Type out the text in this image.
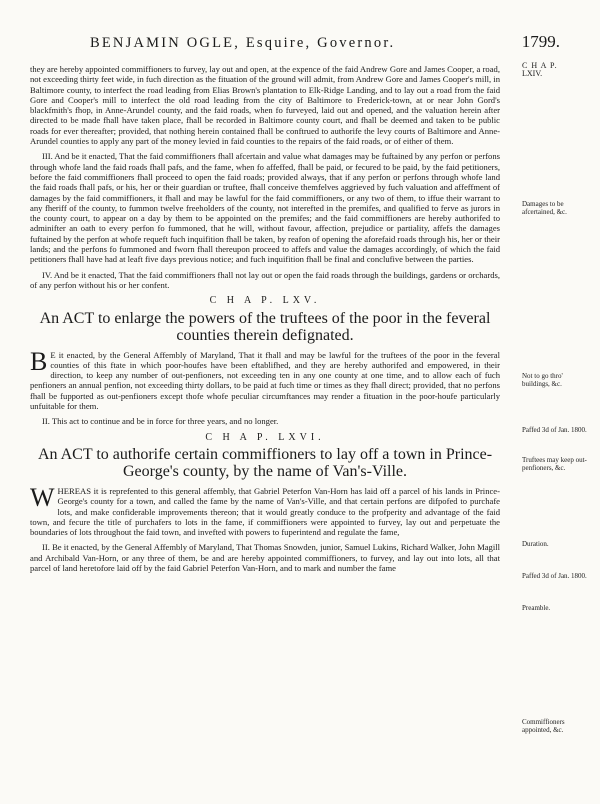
BENJAMIN OGLE, Esquire, Governor.	1799.

they are hereby appointed commiffioners to furvey, lay out and open, at the expence of the faid Andrew Gore and James Cooper, a road, not exceeding thirty feet wide, in fuch direction as the fituation of the ground will admit, from Andrew Gore and James Cooper's mill, in Baltimore county, to interfect the road leading from Elias Brown's plantation to Elk-Ridge Landing, and to lay out a road from the faid Gore and Cooper's mill to interfect the old road leading from the city of Baltimore to Frederick-town, at or near John Gord's blackfmith's fhop, in Anne-Arundel county, and the faid roads, when fo furveyed, laid out and opened, and the valuation herein after directed to be made fhall have taken place, fhall be recorded in Baltimore county court, and fhall be deemed and taken to be public roads for ever thereafter; provided, that nothing herein contained fhall be conftrued to authorife the levy courts of Baltimore and Anne-Arundel counties to apply any part of the money levied in faid counties to the repairs of the faid roads, or of either of them.

III. And be it enacted, That the faid commiffioners fhall afcertain and value what damages may be fuftained by any perfon or perfons through whofe land the faid roads fhall pafs, and the fame, when fo affeffed, fhall be paid, or fecured to be paid, by the faid petitioners, before the faid commiffioners fhall proceed to open the faid roads; provided always, that if any perfon or perfons through whofe land the faid roads fhall pafs, or his, her or their guardian or truftee, fhall conceive themfelves aggrieved by fuch valuation and affeffment of damages by the faid commiffioners, it fhall and may be lawful for the faid commiffioners, or any two of them, to iffue their warrant to any fheriff of the county, to fummon twelve freeholders of the county, not interefted in the premifes, and qualified to ferve as jurors in the county court, to appear on a day by them to be appointed on the premifes; and the faid commiffioners are hereby authorifed to adminifter an oath to every perfon fo fummoned, that he will, without favour, affection, prejudice or partiality, affefs the damages fuftained by the perfon at whofe requeft fuch inquifition fhall be taken, by reafon of opening the aforefaid roads through his, her or their lands; and the perfons fo fummoned and fworn fhall thereupon proceed to affefs and value the damages accordingly, of which the faid petitioners fhall have had at leaft five days previous notice; and fuch inquifition fhall be final and conclufive between the parties.

IV. And be it enacted, That the faid commiffioners fhall not lay out or open the faid roads through the buildings, gardens or orchards, of any perfon without his or her confent.

C H A P. LXV.
An ACT to enlarge the powers of the truftees of the poor in the feveral counties therein defignated.

B E it enacted, by the General Affembly of Maryland, That it fhall and may be lawful for the truftees of the poor in the feveral counties of this ftate in which poor-houfes have been eftablifhed, and they are hereby authorifed and empowered, in their direction, to keep any number of out-penfioners, not exceeding ten in any one county at one time, and to allow each of fuch penfioners an annual penfion, not exceeding thirty dollars, to be paid at fuch time or times as they fhall direct; provided, that no perfons fhall be fupported as out-penfioners except thofe whofe peculiar circumftances may render a fituation in the poor-houfe particularly unfuitable for them.

II. This act to continue and be in force for three years, and no longer.

C H A P. LXVI.
An ACT to authorife certain commiffioners to lay off a town in Prince-George's county, by the name of Van's-Ville.

WHEREAS it is reprefented to this general affembly, that Gabriel Peterfon Van-Horn has laid off a parcel of his lands in Prince-George's county for a town, and called the fame by the name of Van's-Ville, and that certain perfons are difpofed to purchafe lots, and make confiderable improvements thereon; that it would greatly conduce to the profperity and advantage of the faid town, and fecure the title of purchafers to lots in the fame, if commiffioners were appointed to furvey, lay out and perpetuate the boundaries of lots throughout the faid town, and invefted with powers to fuperintend and regulate the fame,

II. Be it enacted, by the General Affembly of Maryland, That Thomas Snowden, junior, Samuel Lukins, Richard Walker, John Magill and Archibald Van-Horn, or any three of them, be and are hereby appointed commiffioners, to furvey, and lay out into lots, all that parcel of land heretofore laid off by the faid Gabriel Peterfon Van-Horn, and to mark and number the fame

C H A P.
LXIV.
Damages to be afcertained, &c.
Not to go thro' buildings, &c.
Paffed 3d of Jan. 1800.
Truftees may keep out-penfioners, &c.
Duration.
Paffed 3d of Jan. 1800.
Preamble.
Commiffioners appointed, &c.
